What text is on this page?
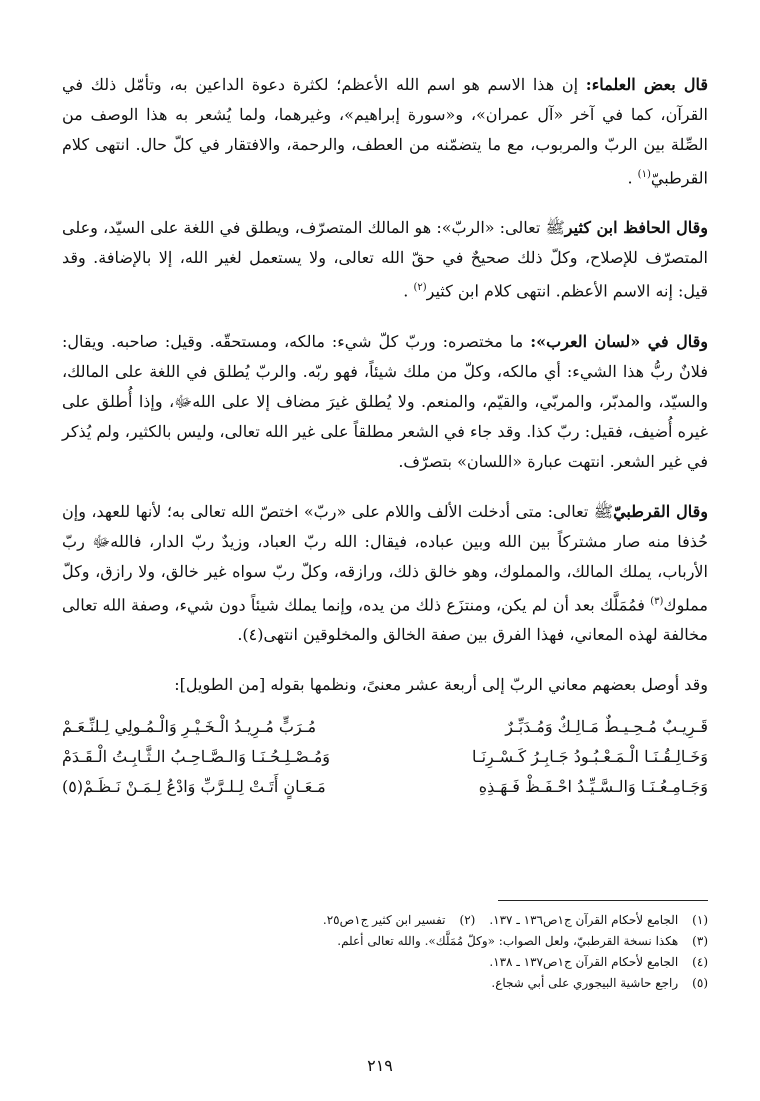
قال بعض العلماء: إن هذا الاسم هو اسم الله الأعظم؛ لكثرة دعوة الداعين به، وتأمّل ذلك في القرآن، كما في آخر «آل عمران»، و«سورة إبراهيم»، وغيرهما، ولما يُشعر به هذا الوصف من الصِّلة بين الربّ والمربوب، مع ما يتضمّنه من العطف، والرحمة، والافتقار في كلّ حال. انتهى كلام القرطبيّ$^{(١)}$ .

وقال الحافظ ابن كثيرﷺ تعالى: «الربّ»: هو المالك المتصرّف، ويطلق في اللغة على السيّد، وعلى المتصرّف للإصلاح، وكلّ ذلك صحيحٌ في حقّ الله تعالى، ولا يستعمل لغير الله، إلا بالإضافة. وقد قيل: إنه الاسم الأعظم. انتهى كلام ابن كثير$^{(٢)}$ .

وقال في «لسان العرب»: ما مختصره: وربّ كلّ شيء: مالكه، ومستحقّه. وقيل: صاحبه. ويقال: فلانٌ ربُّ هذا الشيء: أي مالكه، وكلّ من ملك شيئاً، فهو ربّه. والربّ يُطلق في اللغة على المالك، والسيّد، والمدبّر، والمربّي، والقيّم، والمنعم. ولا يُطلق غيرَ مضاف إلا على اللهﷻ، وإذا أُطلق على غيره أُضيف، فقيل: ربّ كذا. وقد جاء في الشعر مطلقاً على غير الله تعالى، وليس بالكثير، ولم يُذكر في غير الشعر. انتهت عبارة «اللسان» بتصرّف.

وقال القرطبيّﷺ تعالى: متى أدخلت الألف واللام على «ربّ» اختصّ الله تعالى به؛ لأنها للعهد، وإن حُذفا منه صار مشتركاً بين الله وبين عباده، فيقال: الله ربّ العباد، وزيدٌ ربّ الدار، فاللهﷻ ربّ الأرباب، يملك المالك، والمملوك، وهو خالق ذلك، ورازقه، وكلّ ربّ سواه غير خالق، ولا رازق، وكلّ مملوك$^{(٣)}$ فمُمَلَّك بعد أن لم يكن، ومنتزَع ذلك من يده، وإنما يملك شيئاً دون شيء، وصفة الله تعالى مخالفة لهذه المعاني، فهذا الفرق بين صفة الخالق والمخلوقين انتهى(٤).

وقد أوصل بعضهم معاني الربّ إلى أربعة عشر معنىً، ونظمها بقوله [من الطويل]:

قَـرِيـبٌ مُـحِـيـطٌ مَـالِـكٌ وَمُـدَبِّـرٌ
مُـرَبٍّ مُـرِيـدُ الْـخَـيْـرِ وَالْـمُـولِي لِـلنِّـعَـمْ
وَخَـالِـقُـنَـا الْـمَـعْـبُـودُ جَـابِـرُ كَـسْـرِنَـا
وَمُـصْـلِـحُـنَـا وَالـصَّـاحِـبُ الـثَّـابِـتُ الْـقَـدَمْ
وَجَـامِـعُـنَـا وَالـسَّـيِّـدُ احْـفَـظْ فَـهَـذِهِ
مَـعَـانٍ أَتَـتْ لِـلـرَّبِّ وَادْعُ لِـمَـنْ نَـظَـمْ(٥)
(١)
الجامع لأحكام القرآن ج١ص١٣٦ ـ ١٣٧.
(٢)
تفسير ابن كثير ج١ص٢٥.
(٣)
هكذا نسخة القرطبيّ، ولعل الصواب: «وكلّ مُمَلَّك». والله تعالى أعلم.
(٤)
الجامع لأحكام القرآن ج١ص١٣٧ ـ ١٣٨.
(٥)
راجع حاشية البيجوري على أبي شجاع.
٢١٩
